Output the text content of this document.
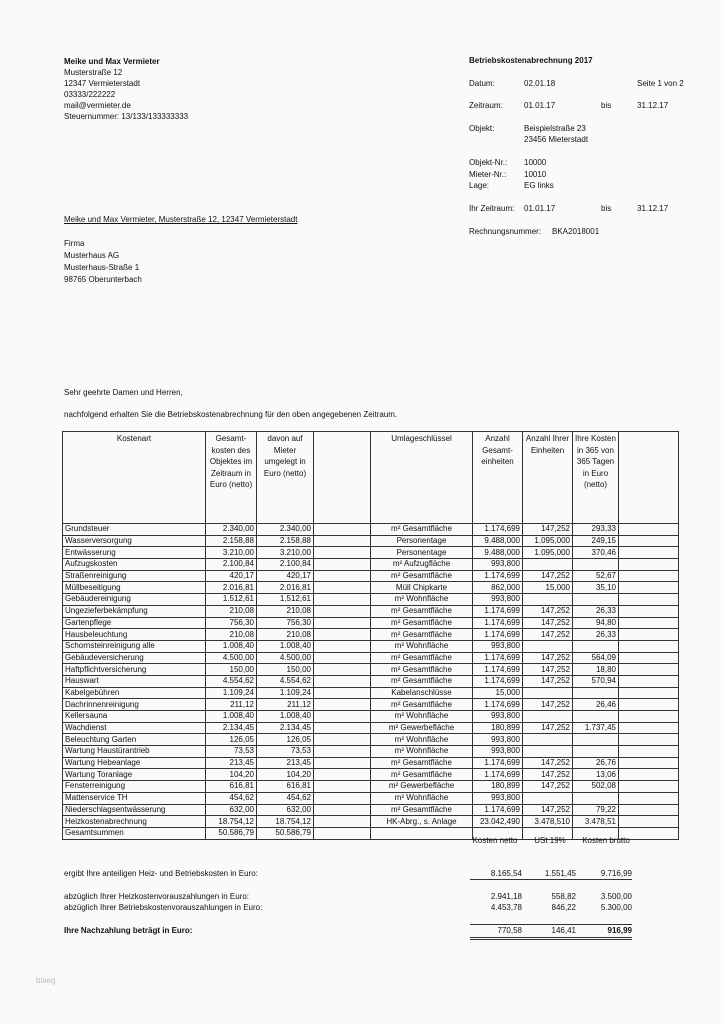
Meike und Max Vermieter
Musterstraße 12
12347 Vermieterstadt
03333/222222
mail@vermieter.de
Steuernummer: 13/133/133333333
Betriebskostenabrechnung 2017
Datum:	02.01.18	Seite 1 von 2
Zeitraum:	01.01.17	bis	31.12.17
Objekt:	Beispielstraße 23
23456 Mieterstadt
Objekt-Nr.: 10000
Mieter-Nr.: 10010
Lage:	EG links
Ihr Zeitraum: 01.01.17	bis	31.12.17
Rechnungsnummer: BKA2018001
Meike und Max Vermieter, Musterstraße 12, 12347 Vermieterstadt
Firma
Musterhaus AG
Musterhaus-Straße 1
98765 Oberunterbach
Sehr geehrte Damen und Herren,
nachfolgend erhalten Sie die Betriebskostenabrechnung für den oben angegebenen Zeitraum.
Kostenart	Gesamt-kosten des Objektes im Zeitraum in Euro (netto)	davon auf Mieter umgelegt in Euro (netto)		Umlageschlüssel	Anzahl Gesamt-einheiten	Anzahl Ihrer Einheiten	Ihre Kosten in 365 von 365 Tagen in Euro (netto)	
Grundsteuer	2.340,00	2.340,00		m² Gesamtfläche	1.174,699	147,252	293,33	
Wasserversorgung	2.158,88	2.158,88		Personentage	9.488,000	1.095,000	249,15	
Entwässerung	3.210,00	3.210,00		Personentage	9.488,000	1.095,000	370,46	
Aufzugskosten	2.100,84	2.100,84		m² Aufzugfläche	993,800			
Straßenreinigung	420,17	420,17		m² Gesamtfläche	1.174,699	147,252	52,67	
Müllbeseitigung	2.016,81	2.016,81		Müll Chipkarte	862,000	15,000	35,10	
Gebäudereinigung	1.512,61	1.512,61		m² Wohnfläche	993,800			
Ungezieferbekämpfung	210,08	210,08		m² Gesamtfläche	1.174,699	147,252	26,33	
Gartenpflege	756,30	756,30		m² Gesamtfläche	1.174,699	147,252	94,80	
Hausbeleuchtung	210,08	210,08		m² Gesamtfläche	1.174,699	147,252	26,33	
Schornsteinreinigung alle	1.008,40	1.008,40		m² Wohnfläche	993,800			
Gebäudeversicherung	4.500,00	4.500,00		m² Gesamtfläche	1.174,699	147,252	564,09	
Haftpflichtversicherung	150,00	150,00		m² Gesamtfläche	1.174,699	147,252	18,80	
Hauswart	4.554,62	4.554,62		m² Gesamtfläche	1.174,699	147,252	570,94	
Kabelgebühren	1.109,24	1.109,24		Kabelanschlüsse	15,000			
Dachrinnenreinigung	211,12	211,12		m² Gesamtfläche	1.174,699	147,252	26,46	
Kellersauna	1.008,40	1.008,40		m² Wohnfläche	993,800			
Wachdienst	2.134,45	2.134,45		m² Gewerbefläche	180,899	147,252	1.737,45	
Beleuchtung Garten	126,05	126,05		m² Wohnfläche	993,800			
Wartung Haustürantrieb	73,53	73,53		m² Wohnfläche	993,800			
Wartung Hebeanlage	213,45	213,45		m² Gesamtfläche	1.174,699	147,252	26,76	
Wartung Toranlage	104,20	104,20		m² Gesamtfläche	1.174,699	147,252	13,06	
Fensterreinigung	616,81	616,81		m² Gewerbefläche	180,899	147,252	502,08	
Mattenservice TH	454,62	454,62		m² Wohnfläche	993,800			
Niederschlagsentwässerung	632,00	632,00		m² Gesamtfläche	1.174,699	147,252	79,22	
Heizkostenabrechnung	18.754,12	18.754,12		HK-Abrg., s. Anlage	23.042,490	3.478,510	3.478,51	
Gesamtsummen	50.586,79	50.586,79						
Kosten netto	USt 19%	Kosten brutto
ergibt Ihre anteiligen Heiz- und Betriebskosten in Euro:	8.165,54	1.551,45	9.716,99
abzüglich Ihrer Heizkostenvorauszahlungen in Euro:	2.941,18	558,82	3.500,00
abzüglich Ihrer Betriebskostenvorauszahlungen in Euro:	4.453,78	846,22	5.300,00
Ihre Nachzahlung beträgt in Euro:	770,58	146,41	916,99
blaeg
